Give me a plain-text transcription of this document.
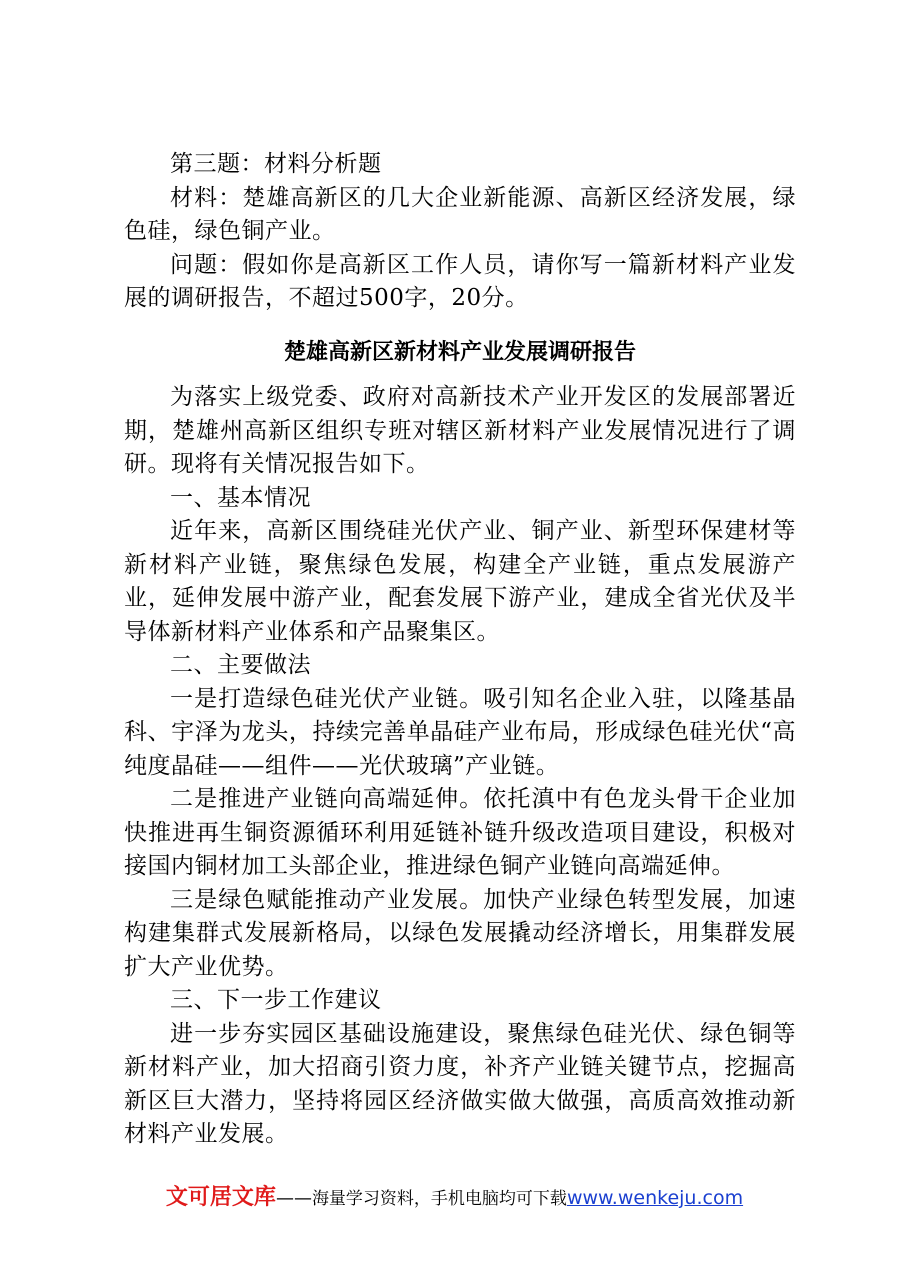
第三题：材料分析题

材料：楚雄高新区的几大企业新能源、高新区经济发展，绿色硅，绿色铜产业。

问题：假如你是高新区工作人员，请你写一篇新材料产业发展的调研报告，不超过500字，20分。

楚雄高新区新材料产业发展调研报告

为落实上级党委、政府对高新技术产业开发区的发展部署近期，楚雄州高新区组织专班对辖区新材料产业发展情况进行了调研。现将有关情况报告如下。

一、基本情况

近年来，高新区围绕硅光伏产业、铜产业、新型环保建材等新材料产业链，聚焦绿色发展，构建全产业链，重点发展游产业，延伸发展中游产业，配套发展下游产业，建成全省光伏及半导体新材料产业体系和产品聚集区。

二、主要做法

一是打造绿色硅光伏产业链。吸引知名企业入驻，以隆基晶科、宇泽为龙头，持续完善单晶硅产业布局，形成绿色硅光伏“高纯度晶硅——组件——光伏玻璃”产业链。

二是推进产业链向高端延伸。依托滇中有色龙头骨干企业加快推进再生铜资源循环利用延链补链升级改造项目建设，积极对接国内铜材加工头部企业，推进绿色铜产业链向高端延伸。

三是绿色赋能推动产业发展。加快产业绿色转型发展，加速构建集群式发展新格局，以绿色发展撬动经济增长，用集群发展扩大产业优势。

三、下一步工作建议

进一步夯实园区基础设施建设，聚焦绿色硅光伏、绿色铜等新材料产业，加大招商引资力度，补齐产业链关键节点，挖掘高新区巨大潜力，坚持将园区经济做实做大做强，高质高效推动新材料产业发展。

文可居文库——海量学习资料，手机电脑均可下载www.wenkeju.com
